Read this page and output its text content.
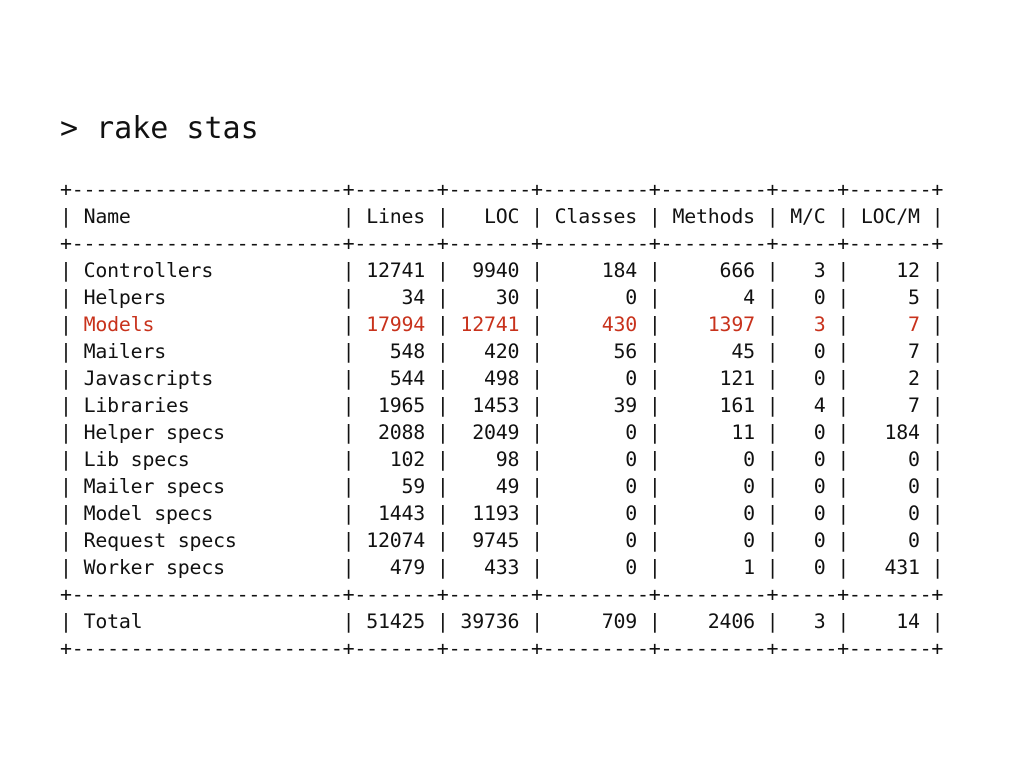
> rake stas
+-----------------------+-------+-------+---------+---------+-----+-------+
| Name                  | Lines |   LOC | Classes | Methods | M/C | LOC/M |
+-----------------------+-------+-------+---------+---------+-----+-------+
| Controllers           | 12741 |  9940 |     184 |     666 |   3 |    12 |
| Helpers               |    34 |    30 |       0 |       4 |   0 |     5 |
| Models                | 17994 | 12741 |     430 |    1397 |   3 |     7 |
| Mailers               |   548 |   420 |      56 |      45 |   0 |     7 |
| Javascripts           |   544 |   498 |       0 |     121 |   0 |     2 |
| Libraries             |  1965 |  1453 |      39 |     161 |   4 |     7 |
| Helper specs          |  2088 |  2049 |       0 |      11 |   0 |   184 |
| Lib specs             |   102 |    98 |       0 |       0 |   0 |     0 |
| Mailer specs          |    59 |    49 |       0 |       0 |   0 |     0 |
| Model specs           |  1443 |  1193 |       0 |       0 |   0 |     0 |
| Request specs         | 12074 |  9745 |       0 |       0 |   0 |     0 |
| Worker specs          |   479 |   433 |       0 |       1 |   0 |   431 |
+-----------------------+-------+-------+---------+---------+-----+-------+
| Total                 | 51425 | 39736 |     709 |    2406 |   3 |    14 |
+-----------------------+-------+-------+---------+---------+-----+-------+
